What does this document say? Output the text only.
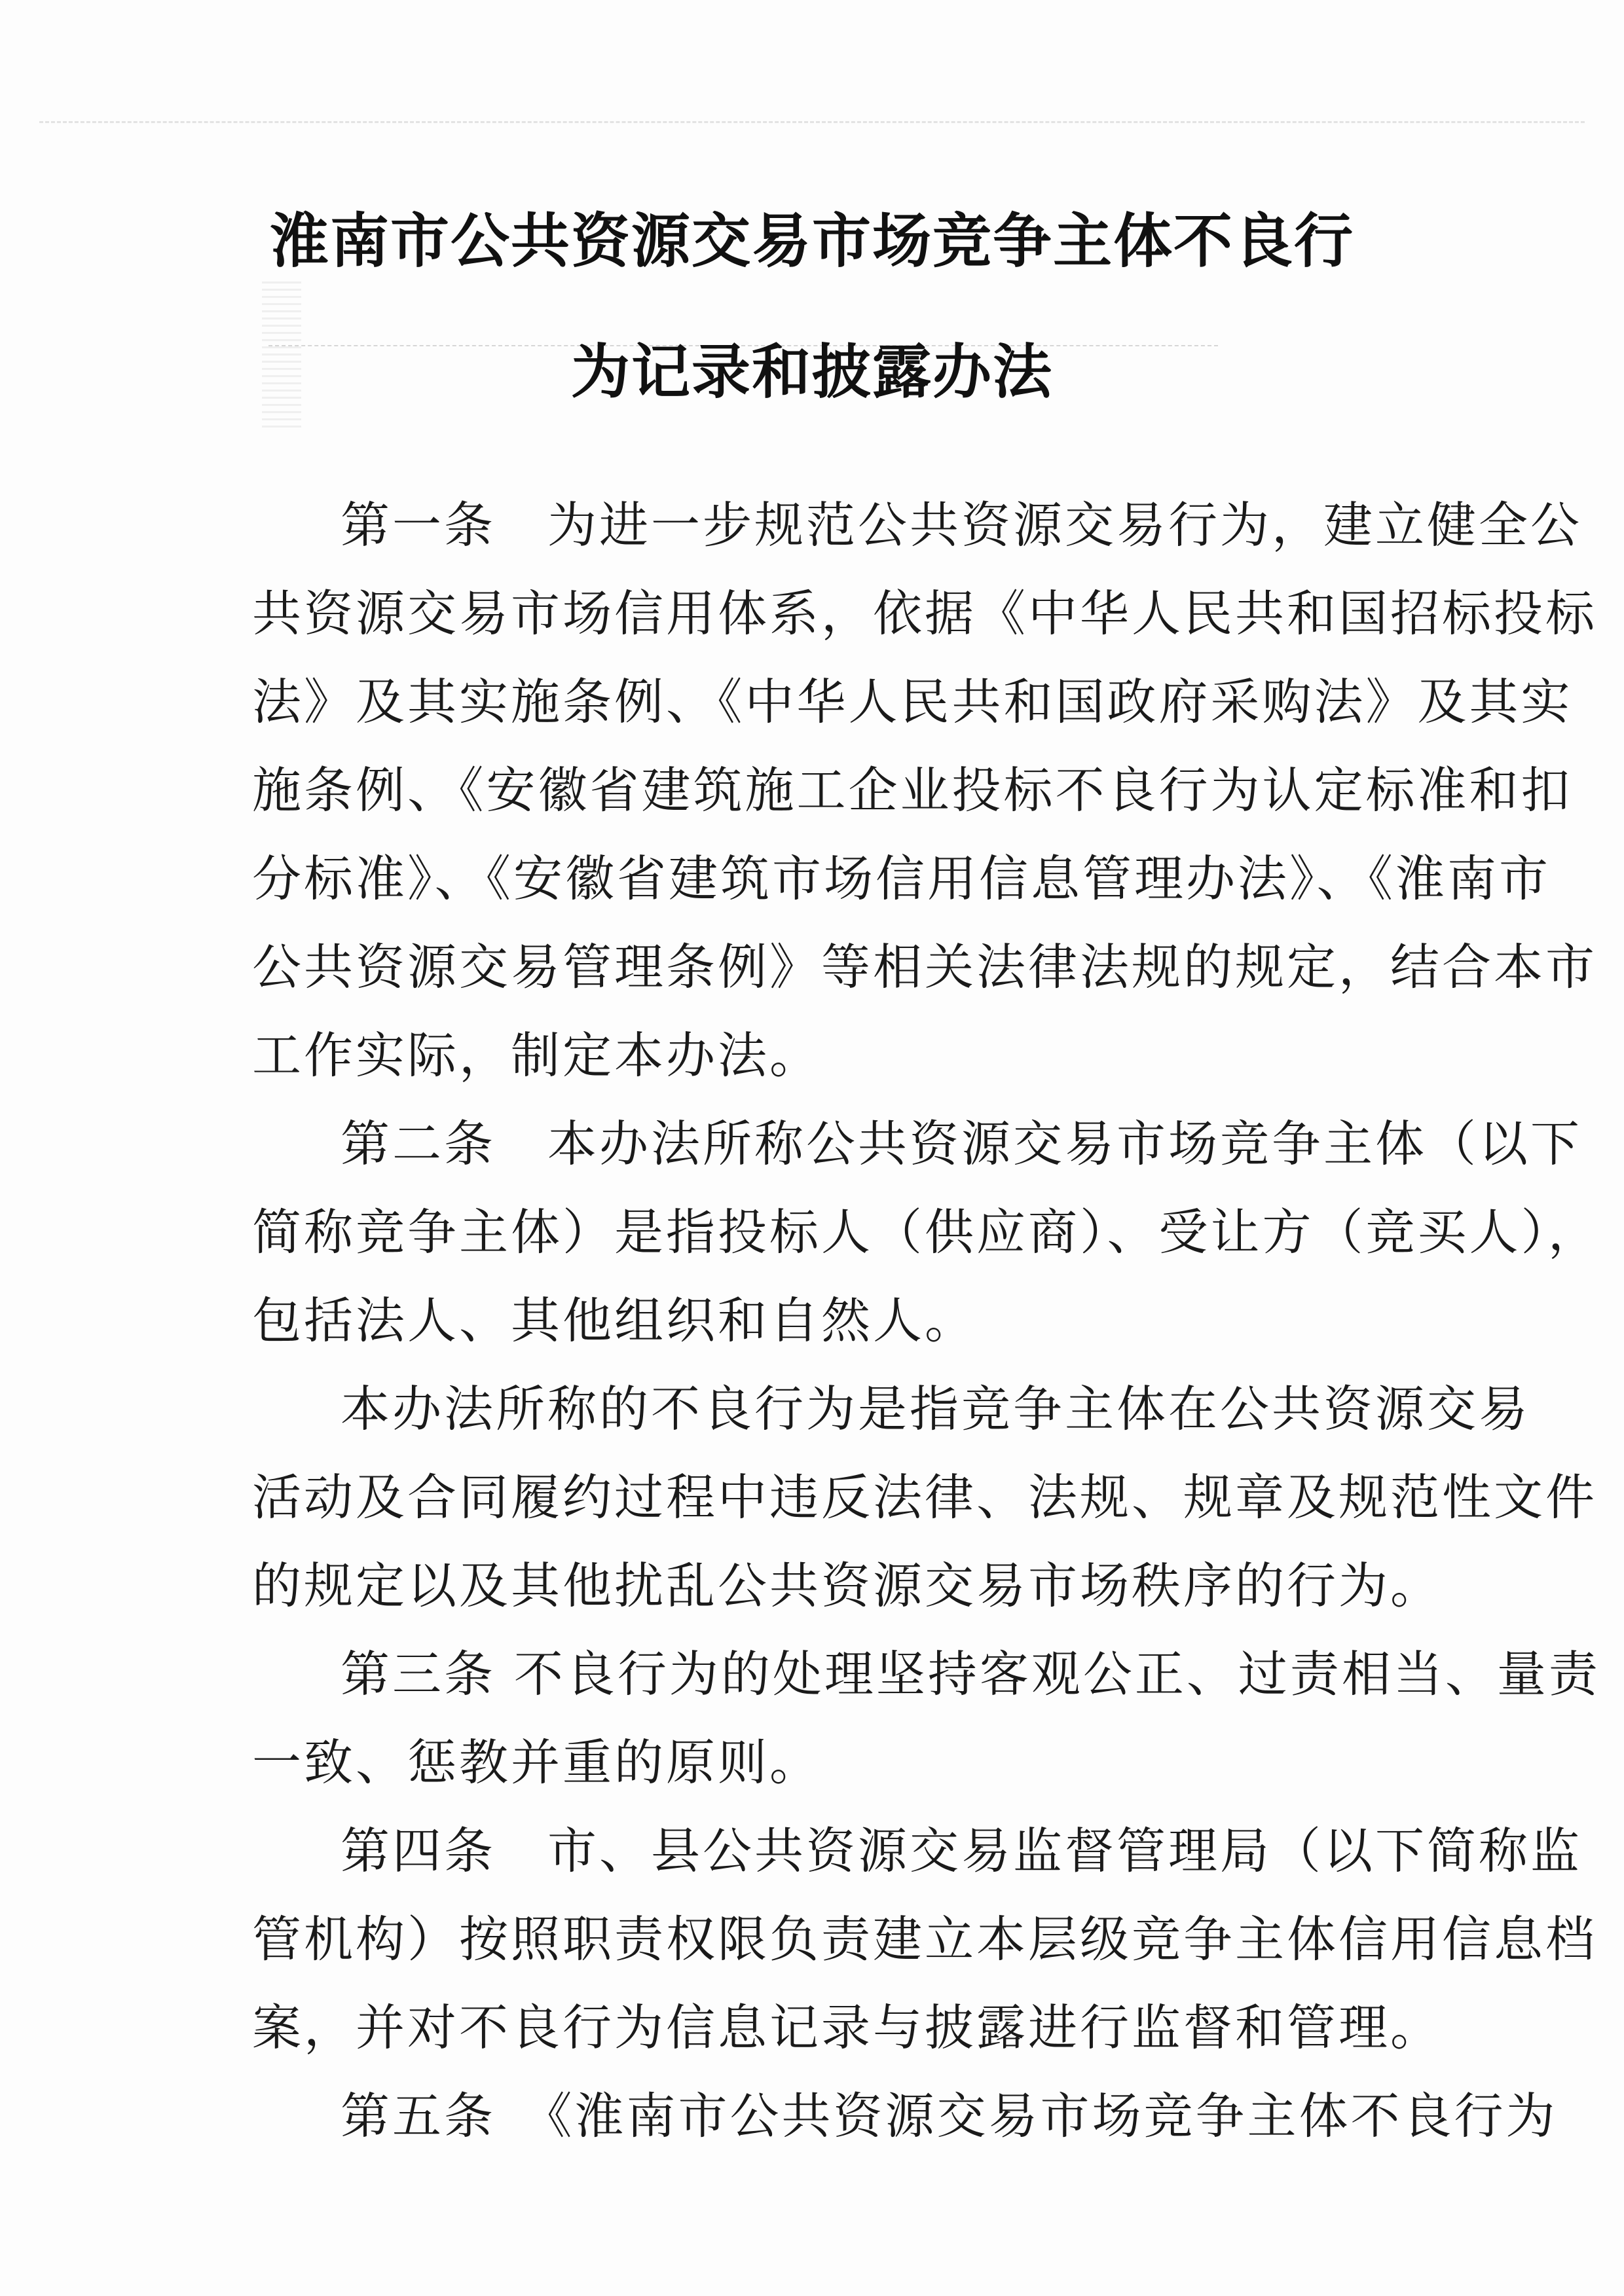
淮南市公共资源交易市场竞争主体不良行
为记录和披露办法
第一条　为进一步规范公共资源交易行为，建立健全公
共资源交易市场信用体系，依据《中华人民共和国招标投标
法》及其实施条例、《中华人民共和国政府采购法》及其实
施条例、《安徽省建筑施工企业投标不良行为认定标准和扣
分标准》、《安徽省建筑市场信用信息管理办法》、《淮南市
公共资源交易管理条例》等相关法律法规的规定，结合本市
工作实际，制定本办法。
第二条　本办法所称公共资源交易市场竞争主体（以下
简称竞争主体）是指投标人（供应商）、受让方（竞买人），
包括法人、其他组织和自然人。
本办法所称的不良行为是指竞争主体在公共资源交易
活动及合同履约过程中违反法律、法规、规章及规范性文件
的规定以及其他扰乱公共资源交易市场秩序的行为。
第三条 不良行为的处理坚持客观公正、过责相当、量责
一致、惩教并重的原则。
第四条　市、县公共资源交易监督管理局（以下简称监
管机构）按照职责权限负责建立本层级竞争主体信用信息档
案，并对不良行为信息记录与披露进行监督和管理。
第五条　《淮南市公共资源交易市场竞争主体不良行为
